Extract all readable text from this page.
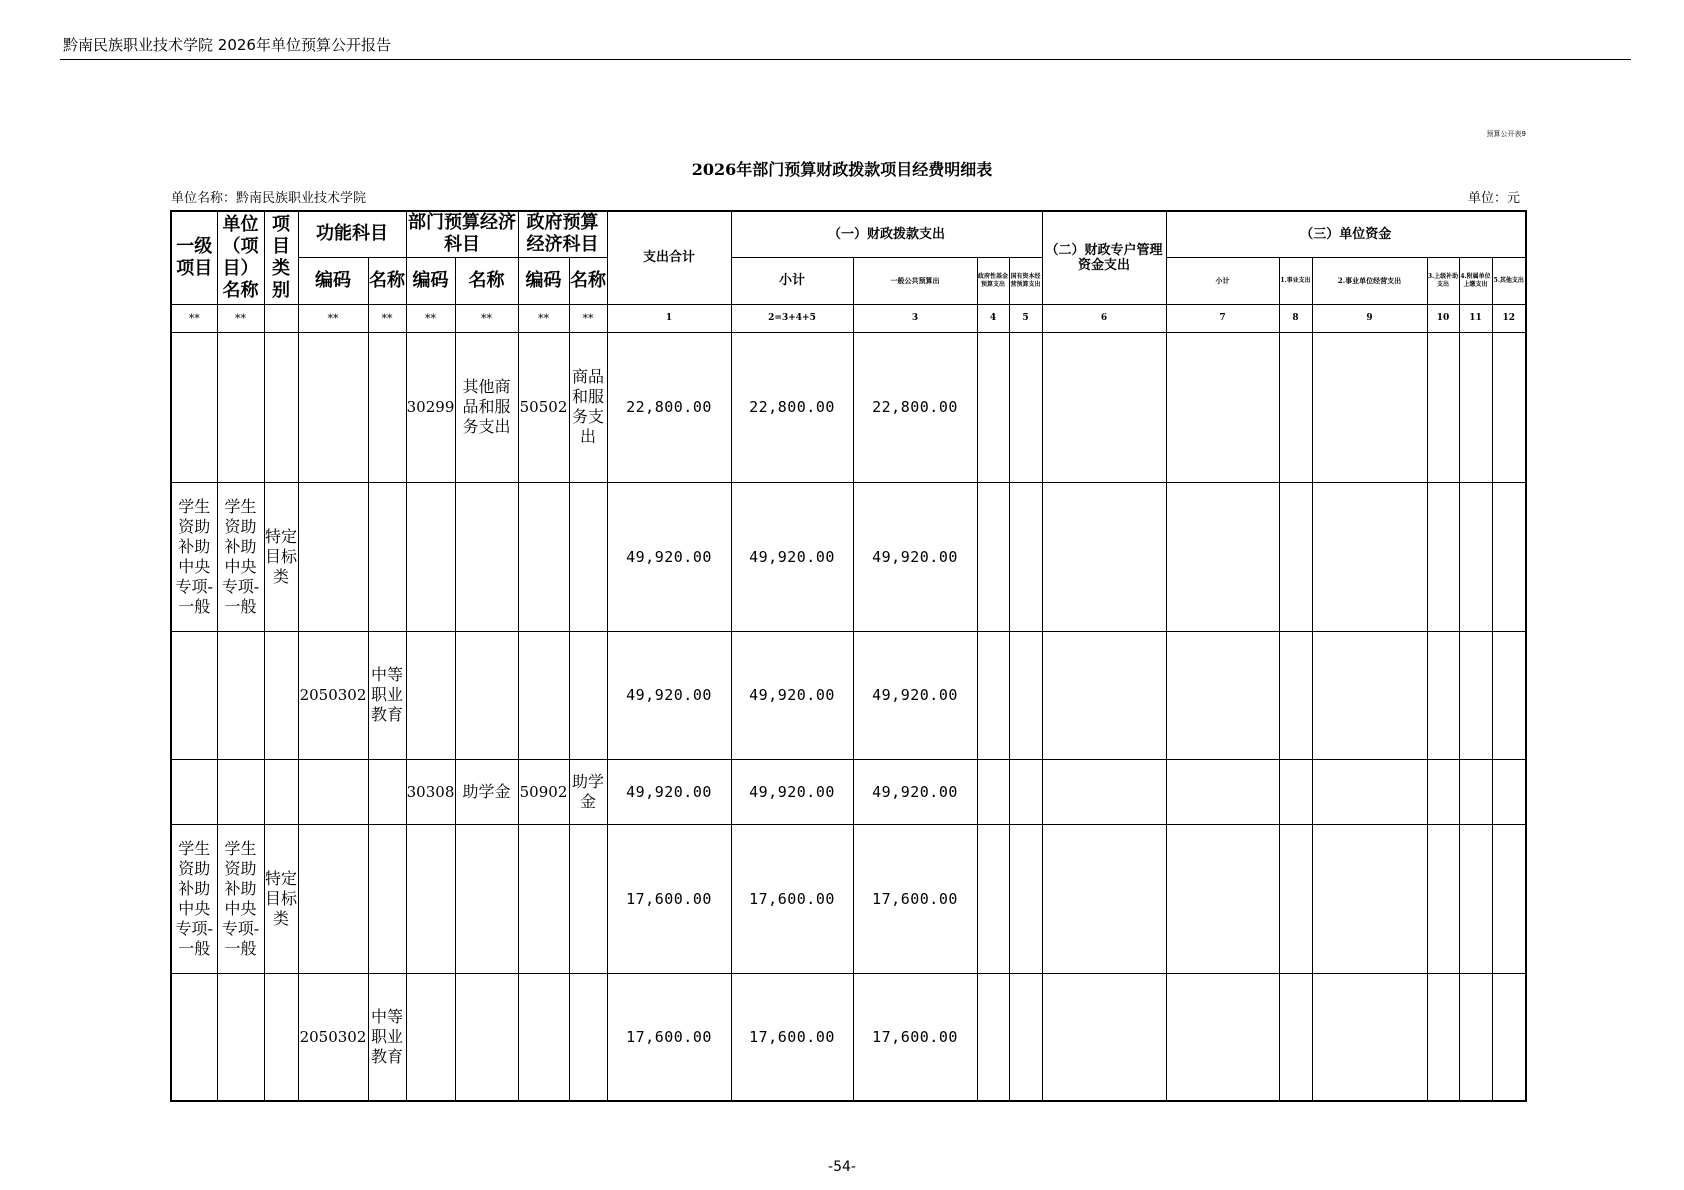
黔南民族职业技术学院 2026年单位预算公开报告
预算公开表9
2026年部门预算财政拨款项目经费明细表
单位名称：黔南民族职业技术学院	单位：元
一级项目	单位（项目）名称	项目类别	功能科目		部门预算经济科目		政府预算经济科目		支出合计	（一）财政拨款支出				（二）财政专户管理资金支出	（三）单位资金					
			编码	名称	编码	名称	编码	名称		小计	一般公共预算出	政府性基金预算支出	国有资本经营预算支出		小计	1.事业支出	2.事业单位经营支出	3.上级补助支出	4.附属单位上缴支出	5.其他支出
**	**		**	**	**	**	**	**	1	2=3+4+5	3	4	5	6	7	8	9	10	11	12
					30299	其他商品和服务支出	50502	商品和服务支出	22,800.00	22,800.00	22,800.00									
学生资助补助中央专项-一般	学生资助补助中央专项-一般	特定目标类							49,920.00	49,920.00	49,920.00									
			2050302	中等职业教育					49,920.00	49,920.00	49,920.00									
					30308	助学金	50902	助学金	49,920.00	49,920.00	49,920.00									
学生资助补助中央专项-一般	学生资助补助中央专项-一般	特定目标类							17,600.00	17,600.00	17,600.00									
			2050302	中等职业教育					17,600.00	17,600.00	17,600.00									
-54-
